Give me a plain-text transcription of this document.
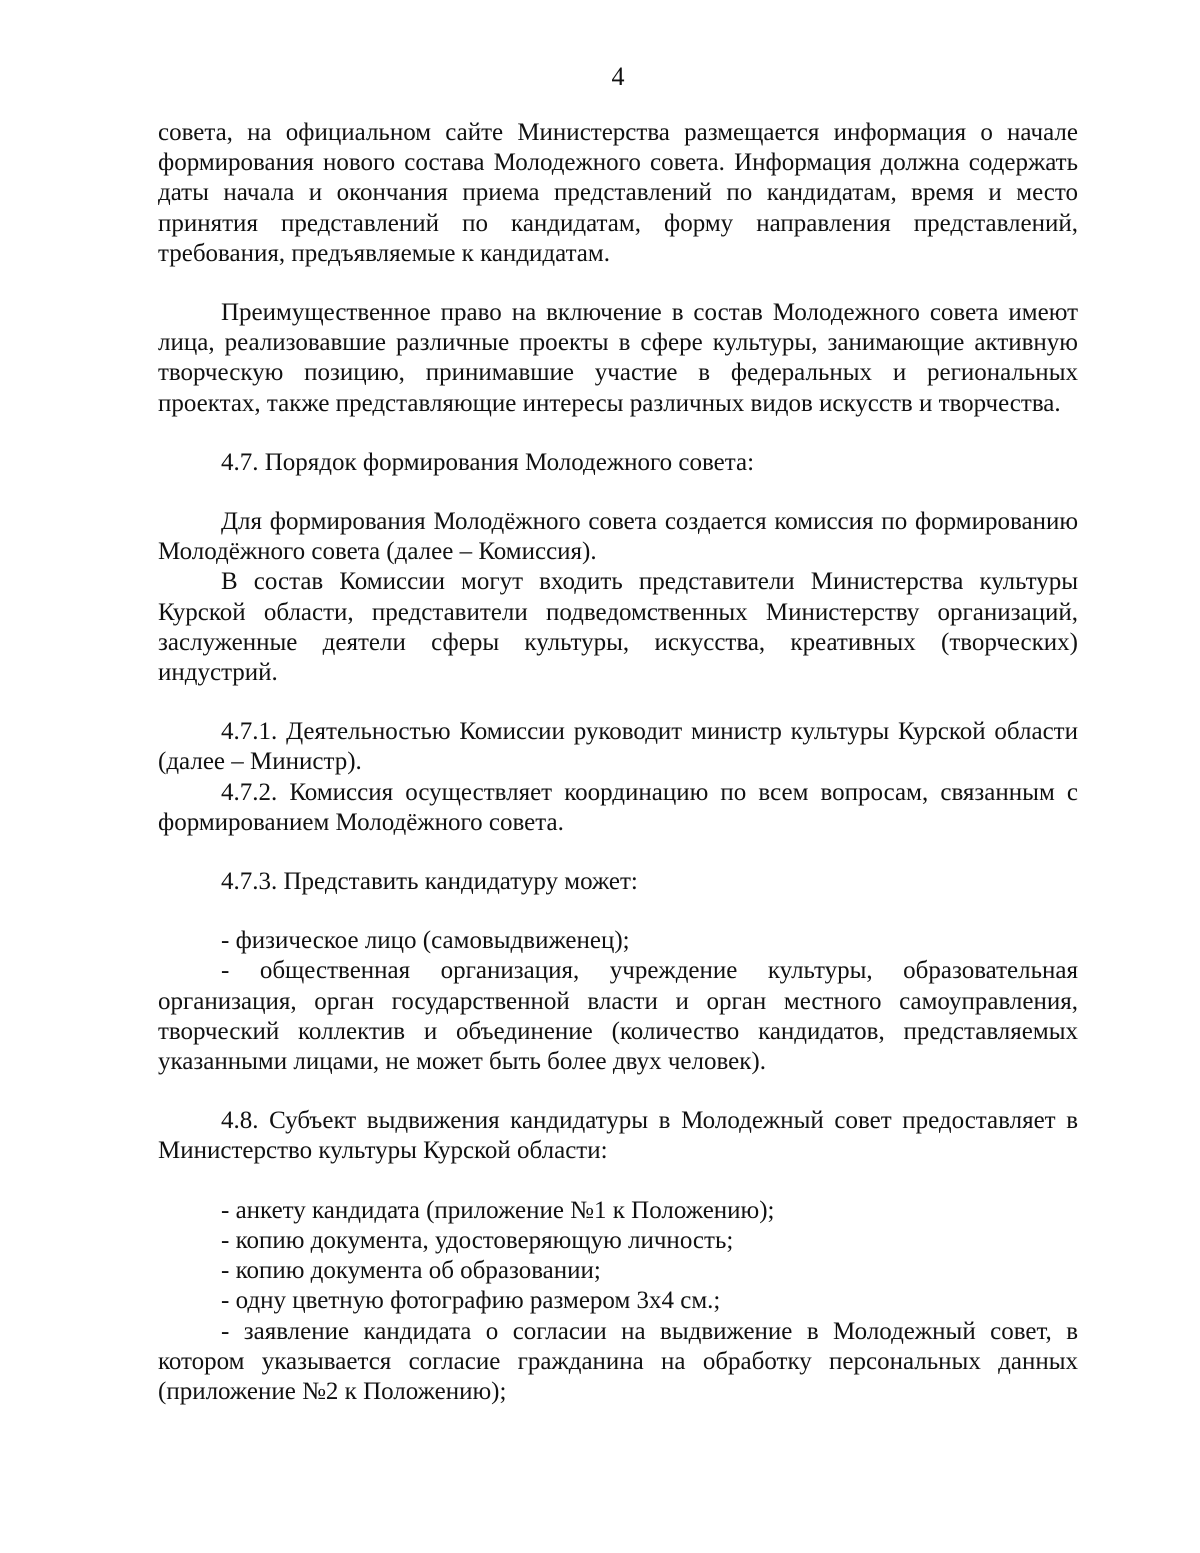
4

совета, на официальном сайте Министерства размещается информация о начале формирования нового состава Молодежного совета. Информация должна содержать даты начала и окончания приема представлений по кандидатам, время и место принятия представлений по кандидатам, форму направления представлений, требования, предъявляемые к кандидатам.

Преимущественное право на включение в состав Молодежного совета имеют лица, реализовавшие различные проекты в сфере культуры, занимающие активную творческую позицию, принимавшие участие в федеральных и региональных проектах, также представляющие интересы различных видов искусств и творчества.

4.7. Порядок формирования Молодежного совета:

Для формирования Молодёжного совета создается комиссия по формированию Молодёжного совета (далее – Комиссия).

В состав Комиссии могут входить представители Министерства культуры Курской области, представители подведомственных Министерству организаций, заслуженные деятели сферы культуры, искусства, креативных (творческих) индустрий.

4.7.1. Деятельностью Комиссии руководит министр культуры Курской области (далее – Министр).

4.7.2. Комиссия осуществляет координацию по всем вопросам, связанным с формированием Молодёжного совета.

4.7.3. Представить кандидатуру может:

- физическое лицо (самовыдвиженец);

- общественная организация, учреждение культуры, образовательная организация, орган государственной власти и орган местного самоуправления, творческий коллектив и объединение (количество кандидатов, представляемых указанными лицами, не может быть более двух человек).

4.8. Субъект выдвижения кандидатуры в Молодежный совет предоставляет в Министерство культуры Курской области:

- анкету кандидата (приложение №1 к Положению);

- копию документа, удостоверяющую личность;

- копию документа об образовании;

- одну цветную фотографию размером 3х4 см.;

- заявление кандидата о согласии на выдвижение в Молодежный совет, в котором указывается согласие гражданина на обработку персональных данных (приложение №2 к Положению);
